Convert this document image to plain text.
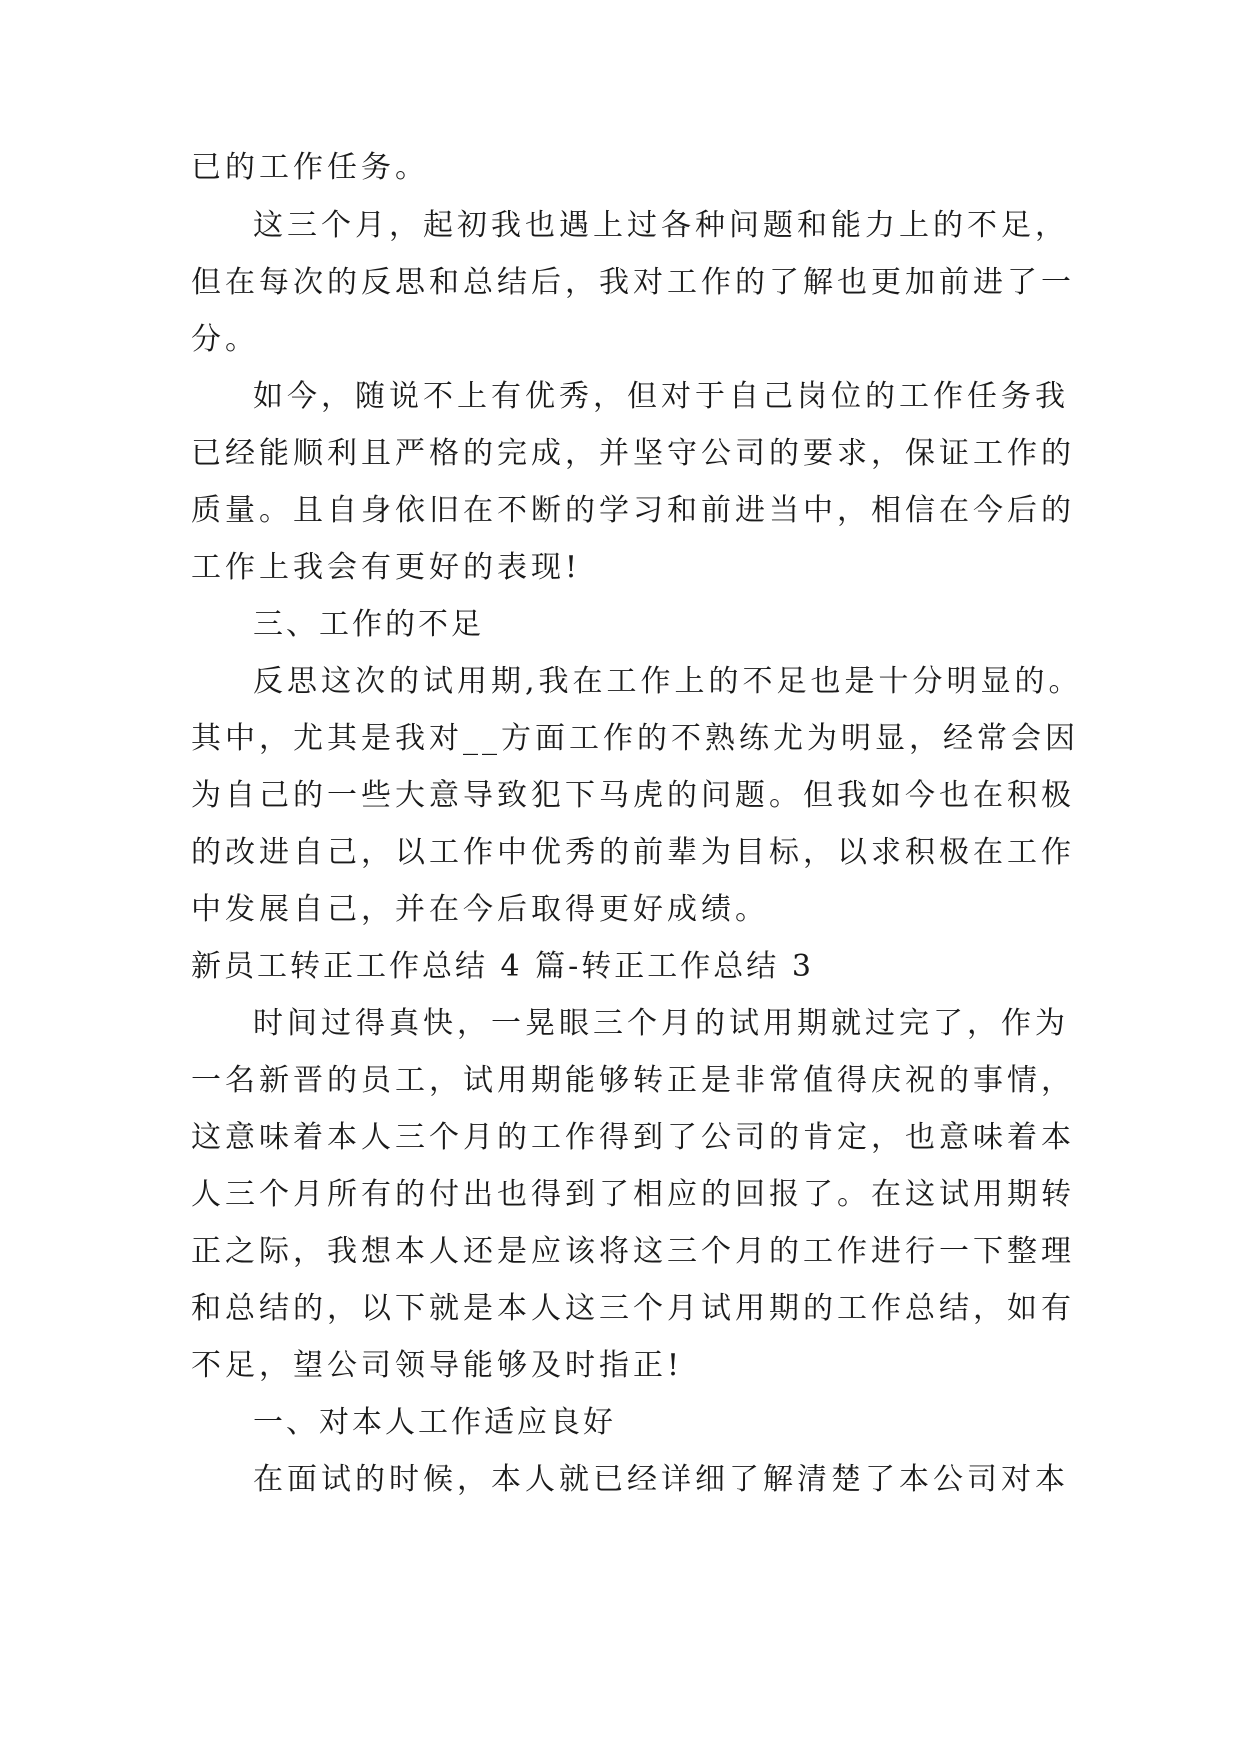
已的工作任务。
这三个月，起初我也遇上过各种问题和能力上的不足，
但在每次的反思和总结后，我对工作的了解也更加前进了一
分。
如今，随说不上有优秀，但对于自己岗位的工作任务我
已经能顺利且严格的完成，并坚守公司的要求，保证工作的
质量。且自身依旧在不断的学习和前进当中，相信在今后的
工作上我会有更好的表现!
三、工作的不足
反思这次的试用期,我在工作上的不足也是十分明显的。
其中，尤其是我对__方面工作的不熟练尤为明显，经常会因
为自己的一些大意导致犯下马虎的问题。但我如今也在积极
的改进自己，以工作中优秀的前辈为目标，以求积极在工作
中发展自己，并在今后取得更好成绩。
新员工转正工作总结 4 篇-转正工作总结 3
时间过得真快，一晃眼三个月的试用期就过完了，作为
一名新晋的员工，试用期能够转正是非常值得庆祝的事情，
这意味着本人三个月的工作得到了公司的肯定，也意味着本
人三个月所有的付出也得到了相应的回报了。在这试用期转
正之际，我想本人还是应该将这三个月的工作进行一下整理
和总结的，以下就是本人这三个月试用期的工作总结，如有
不足，望公司领导能够及时指正!
一、对本人工作适应良好
在面试的时候，本人就已经详细了解清楚了本公司对本
